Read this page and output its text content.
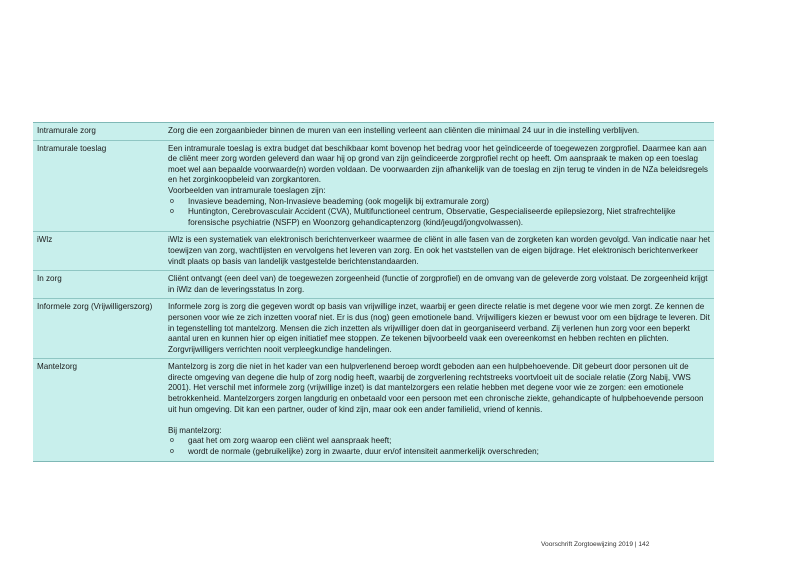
Intramurale zorg	Zorg die een zorgaanbieder binnen de muren van een instelling verleent aan cliënten die minimaal 24 uur in die instelling verblijven.

Intramurale toeslag	Een intramurale toeslag is extra budget dat beschikbaar komt bovenop het bedrag voor het geïndiceerde of toegewezen zorgprofiel. Daarmee kan aan de cliënt meer zorg worden geleverd dan waar hij op grond van zijn geïndiceerde zorgprofiel recht op heeft. Om aanspraak te maken op een toeslag moet wel aan bepaalde voorwaarde(n) worden voldaan. De voorwaarden zijn afhankelijk van de toeslag en zijn terug te vinden in de NZa beleidsregels en het zorginkoopbeleid van zorgkantoren.

Voorbeelden van intramurale toeslagen zijn:

o	Invasieve beademing, Non-Invasieve beademing (ook mogelijk bij extramurale zorg)
o	Huntington, Cerebrovasculair Accident (CVA), Multifunctioneel centrum, Observatie, Gespecialiseerde epilepsiezorg, Niet strafrechtelijke forensische psychiatrie (NSFP) en Woonzorg gehandicaptenzorg (kind/jeugd/jongvolwassen).

iWlz	iWlz is een systematiek van elektronisch berichtenverkeer waarmee de cliënt in alle fasen van de zorgketen kan worden gevolgd. Van indicatie naar het toewijzen van zorg, wachtlijsten en vervolgens het leveren van zorg. En ook het vaststellen van de eigen bijdrage. Het elektronisch berichtenverkeer vindt plaats op basis van landelijk vastgestelde berichtenstandaarden.

In zorg	Cliënt ontvangt (een deel van) de toegewezen zorgeenheid (functie of zorgprofiel) en de omvang van de geleverde zorg volstaat. De zorgeenheid krijgt in iWlz dan de leveringsstatus In zorg.

Informele zorg (Vrijwilligerszorg)	Informele zorg is zorg die gegeven wordt op basis van vrijwillige inzet, waarbij er geen directe relatie is met degene voor wie men zorgt. Ze kennen de personen voor wie ze zich inzetten vooraf niet. Er is dus (nog) geen emotionele band. Vrijwilligers kiezen er bewust voor om een bijdrage te leveren. Dit in tegenstelling tot mantelzorg. Mensen die zich inzetten als vrijwilliger doen dat in georganiseerd verband. Zij verlenen hun zorg voor een beperkt aantal uren en kunnen hier op eigen initiatief mee stoppen. Ze tekenen bijvoorbeeld vaak een overeenkomst en hebben rechten en plichten. Zorgvrijwilligers verrichten nooit verpleegkundige handelingen.

Mantelzorg	Mantelzorg is zorg die niet in het kader van een hulpverlenend beroep wordt geboden aan een hulpbehoevende. Dit gebeurt door personen uit de directe omgeving van degene die hulp of zorg nodig heeft, waarbij de zorgverlening rechtstreeks voortvloeit uit de sociale relatie (Zorg Nabij, VWS 2001). Het verschil met informele zorg (vrijwillige inzet) is dat mantelzorgers een relatie hebben met degene voor wie ze zorgen: een emotionele betrokkenheid. Mantelzorgers zorgen langdurig en onbetaald voor een persoon met een chronische ziekte, gehandicapte of hulpbehoevende persoon uit hun omgeving. Dit kan een partner, ouder of kind zijn, maar ook een ander familielid, vriend of kennis.

Bij mantelzorg:

o	gaat het om zorg waarop een cliënt wel aanspraak heeft;
o	wordt de normale (gebruikelijke) zorg in zwaarte, duur en/of intensiteit aanmerkelijk overschreden;
Voorschrift Zorgtoewijzing 2019 | 142
